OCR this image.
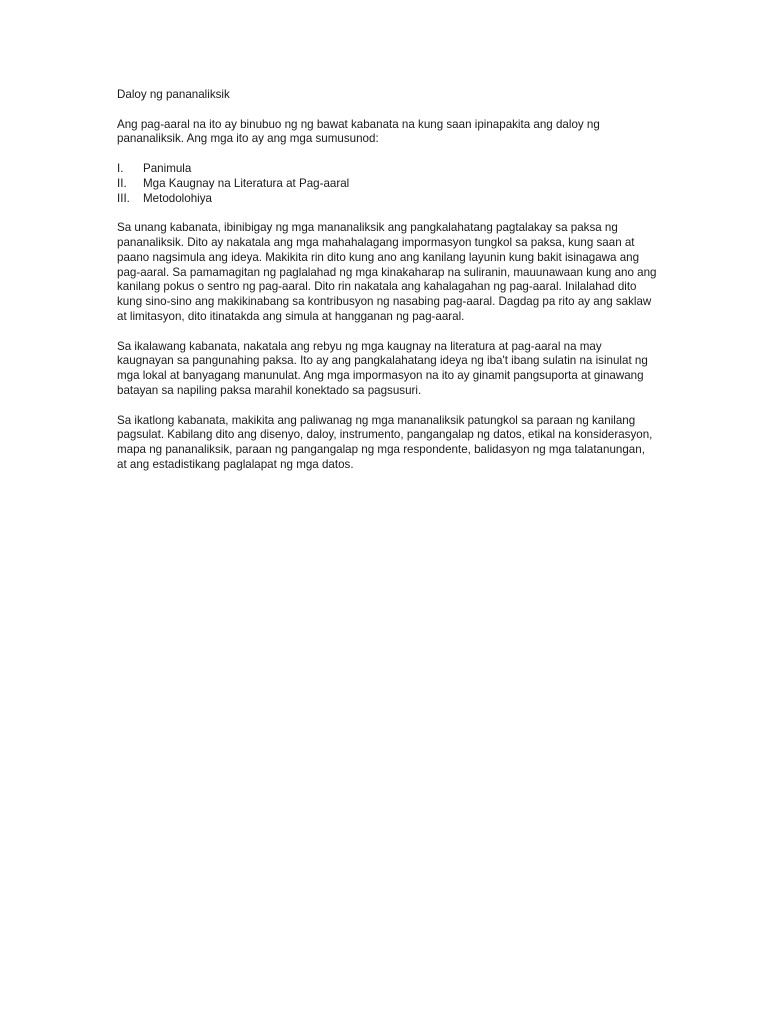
Daloy ng pananaliksik

Ang pag-aaral na ito ay binubuo ng ng bawat kabanata na kung saan ipinapakita ang daloy ng pananaliksik. Ang mga ito ay ang mga sumusunod:

I.	Panimula
II.	Mga Kaugnay na Literatura at Pag-aaral
III.	Metodolohiya

Sa unang kabanata, ibinibigay ng mga mananaliksik ang pangkalahatang pagtalakay sa paksa ng pananaliksik. Dito ay nakatala ang mga mahahalagang impormasyon tungkol sa paksa, kung saan at paano nagsimula ang ideya. Makikita rin dito kung ano ang kanilang layunin kung bakit isinagawa ang pag-aaral. Sa pamamagitan ng paglalahad ng mga kinakaharap na suliranin, mauunawaan kung ano ang kanilang pokus o sentro ng pag-aaral. Dito rin nakatala ang kahalagahan ng pag-aaral. Inilalahad dito kung sino-sino ang makikinabang sa kontribusyon ng nasabing pag-aaral. Dagdag pa rito ay ang saklaw at limitasyon, dito itinatakda ang simula at hangganan ng pag-aaral.

Sa ikalawang kabanata, nakatala ang rebyu ng mga kaugnay na literatura at pag-aaral na may kaugnayan sa pangunahing paksa. Ito ay ang pangkalahatang ideya ng iba't ibang sulatin na isinulat ng mga lokal at banyagang manunulat. Ang mga impormasyon na ito ay ginamit pangsuporta at ginawang batayan sa napiling paksa marahil konektado sa pagsusuri.

Sa ikatlong kabanata, makikita ang paliwanag ng mga mananaliksik patungkol sa paraan ng kanilang pagsulat. Kabilang dito ang disenyo, daloy, instrumento, pangangalap ng datos, etikal na konsiderasyon, mapa ng pananaliksik, paraan ng pangangalap ng mga respondente, balidasyon ng mga talatanungan, at ang estadistikang paglalapat ng mga datos.
